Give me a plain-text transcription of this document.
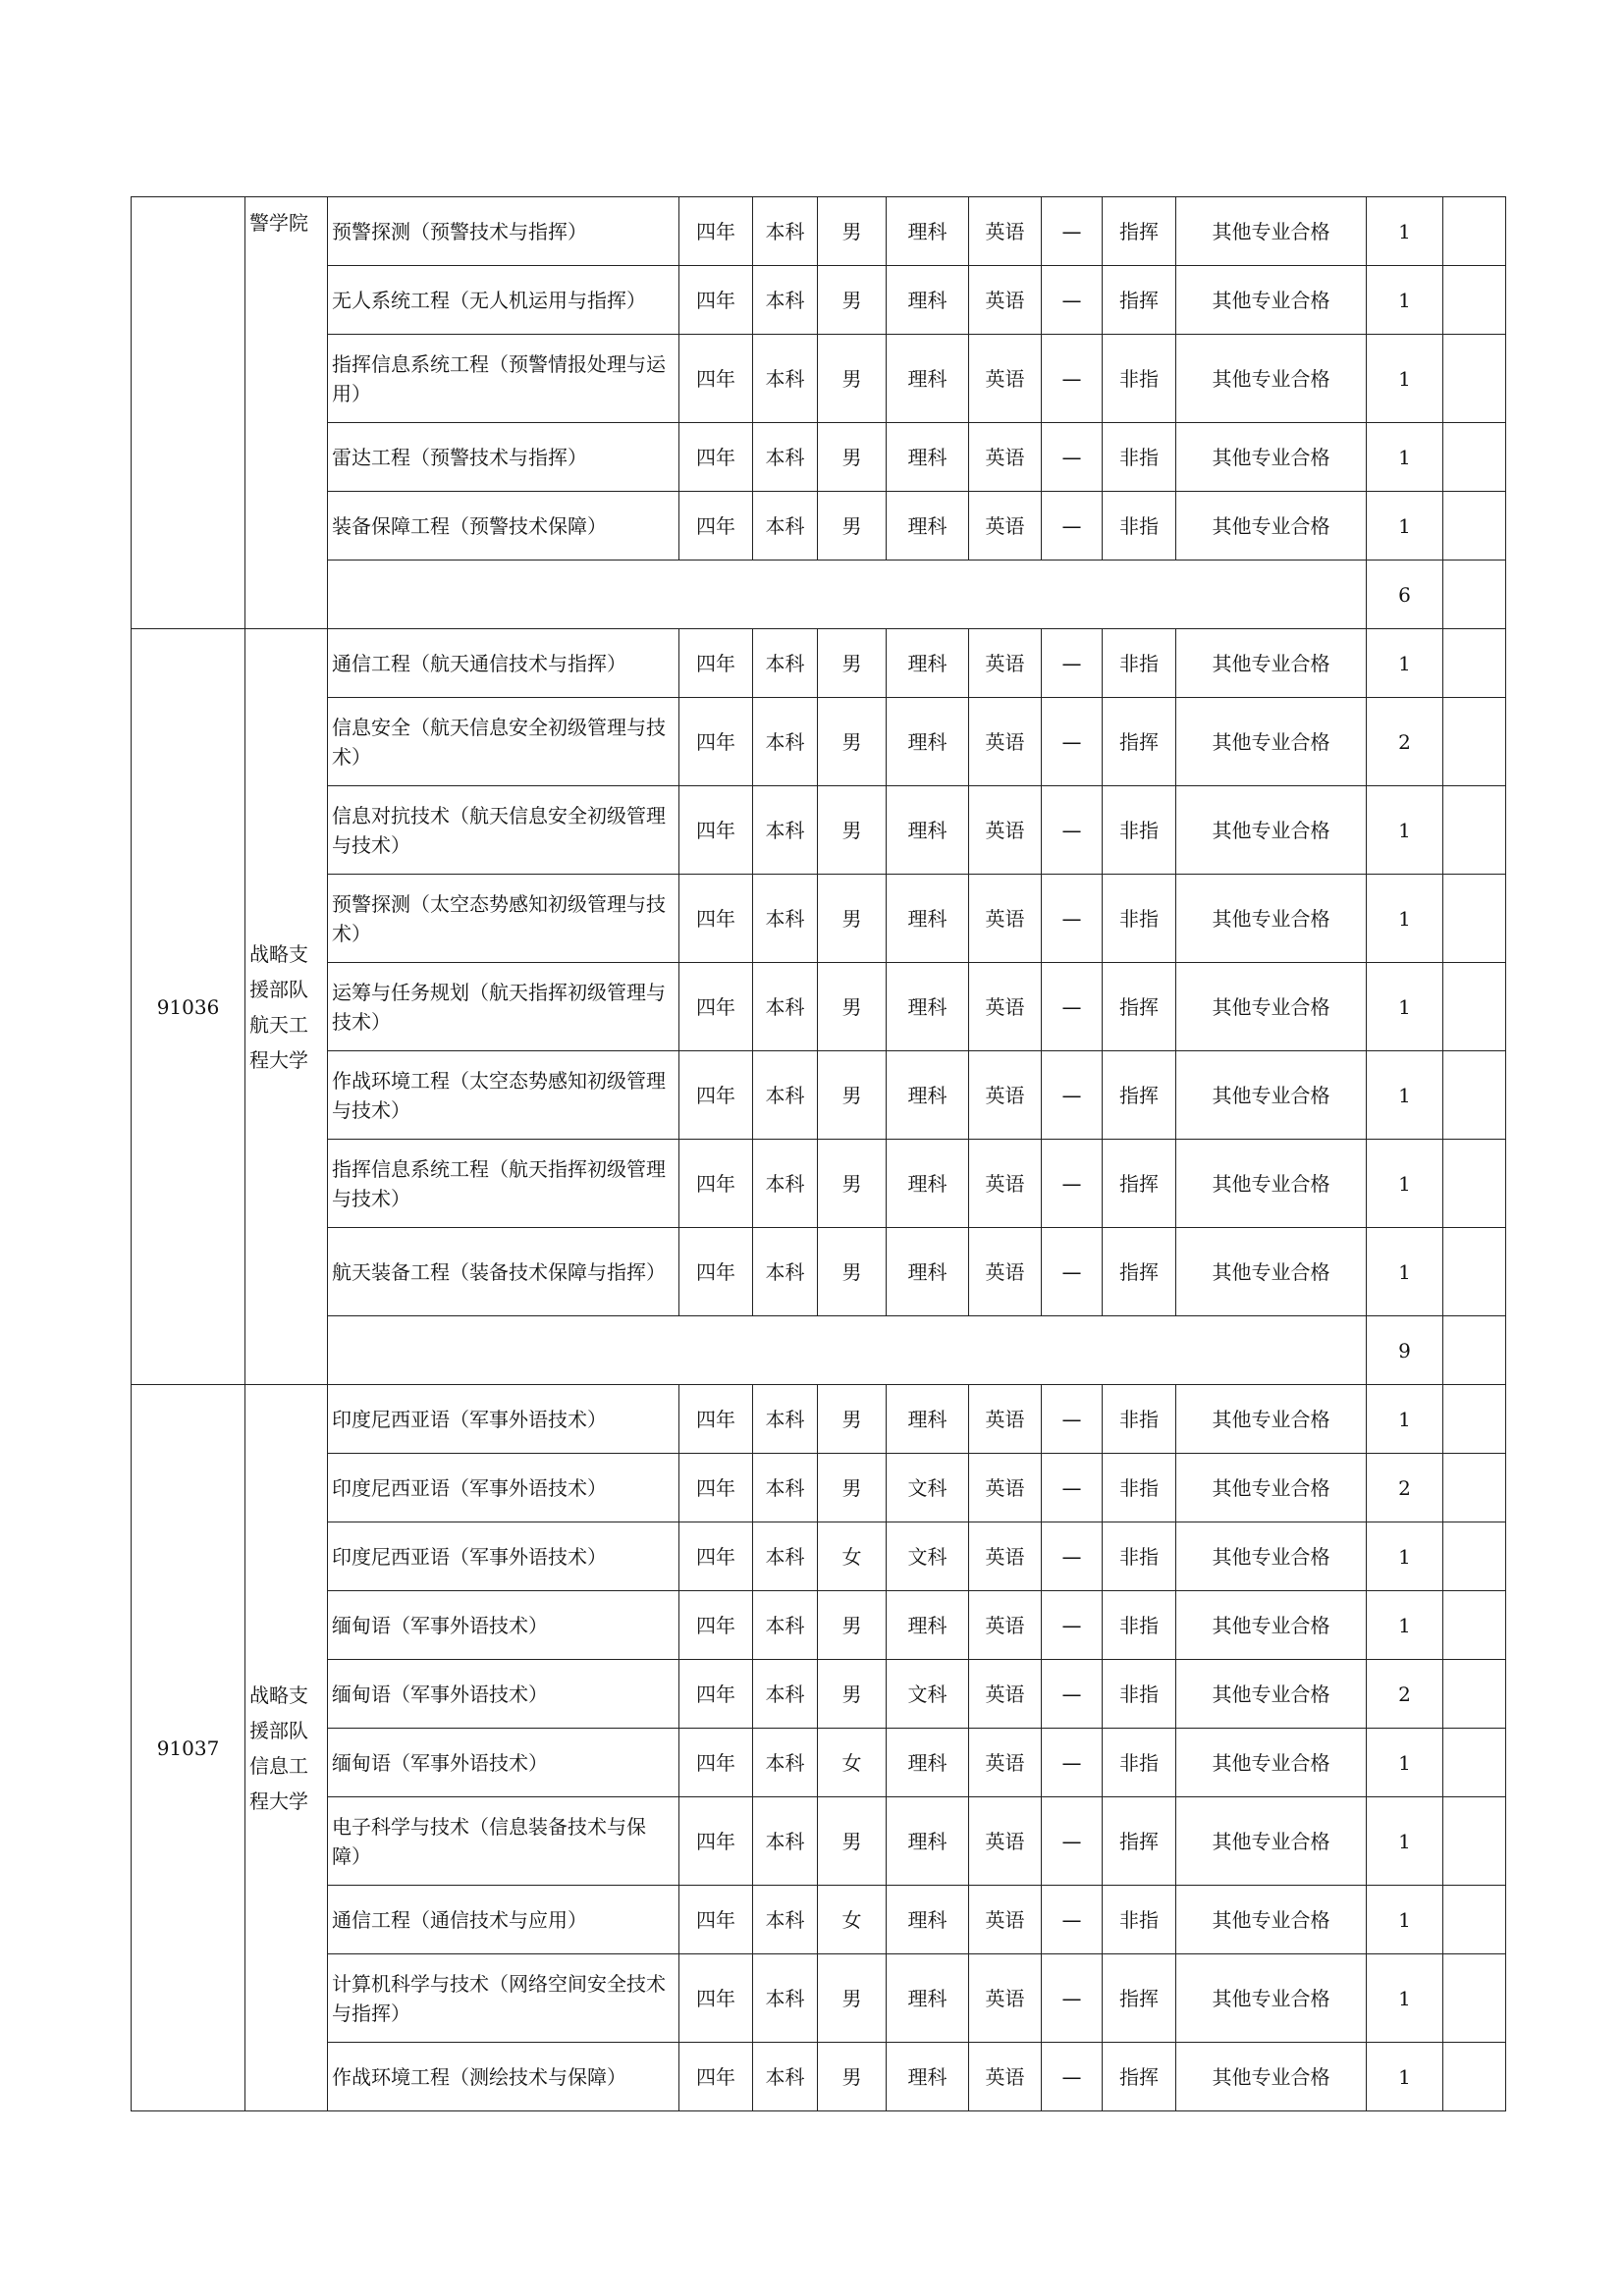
	警学院	预警探测（预警技术与指挥）	四年	本科	男	理科	英语	—	指挥	其他专业合格	1	
		无人系统工程（无人机运用与指挥）	四年	本科	男	理科	英语	—	指挥	其他专业合格	1	
		指挥信息系统工程（预警情报处理与运用）	四年	本科	男	理科	英语	—	非指	其他专业合格	1	
		雷达工程（预警技术与指挥）	四年	本科	男	理科	英语	—	非指	其他专业合格	1	
		装备保障工程（预警技术保障）	四年	本科	男	理科	英语	—	非指	其他专业合格	1	
											6	
91036	战略支援部队航天工程大学	通信工程（航天通信技术与指挥）	四年	本科	男	理科	英语	—	非指	其他专业合格	1	
		信息安全（航天信息安全初级管理与技术）	四年	本科	男	理科	英语	—	指挥	其他专业合格	2	
		信息对抗技术（航天信息安全初级管理与技术）	四年	本科	男	理科	英语	—	非指	其他专业合格	1	
		预警探测（太空态势感知初级管理与技术）	四年	本科	男	理科	英语	—	非指	其他专业合格	1	
		运筹与任务规划（航天指挥初级管理与技术）	四年	本科	男	理科	英语	—	指挥	其他专业合格	1	
		作战环境工程（太空态势感知初级管理与技术）	四年	本科	男	理科	英语	—	指挥	其他专业合格	1	
		指挥信息系统工程（航天指挥初级管理与技术）	四年	本科	男	理科	英语	—	指挥	其他专业合格	1	
		航天装备工程（装备技术保障与指挥）	四年	本科	男	理科	英语	—	指挥	其他专业合格	1	
											9	
91037	战略支援部队信息工程大学	印度尼西亚语（军事外语技术）	四年	本科	男	理科	英语	—	非指	其他专业合格	1	
		印度尼西亚语（军事外语技术）	四年	本科	男	文科	英语	—	非指	其他专业合格	2	
		印度尼西亚语（军事外语技术）	四年	本科	女	文科	英语	—	非指	其他专业合格	1	
		缅甸语（军事外语技术）	四年	本科	男	理科	英语	—	非指	其他专业合格	1	
		缅甸语（军事外语技术）	四年	本科	男	文科	英语	—	非指	其他专业合格	2	
		缅甸语（军事外语技术）	四年	本科	女	理科	英语	—	非指	其他专业合格	1	
		电子科学与技术（信息装备技术与保障）	四年	本科	男	理科	英语	—	指挥	其他专业合格	1	
		通信工程（通信技术与应用）	四年	本科	女	理科	英语	—	非指	其他专业合格	1	
		计算机科学与技术（网络空间安全技术与指挥）	四年	本科	男	理科	英语	—	指挥	其他专业合格	1	
		作战环境工程（测绘技术与保障）	四年	本科	男	理科	英语	—	指挥	其他专业合格	1	
